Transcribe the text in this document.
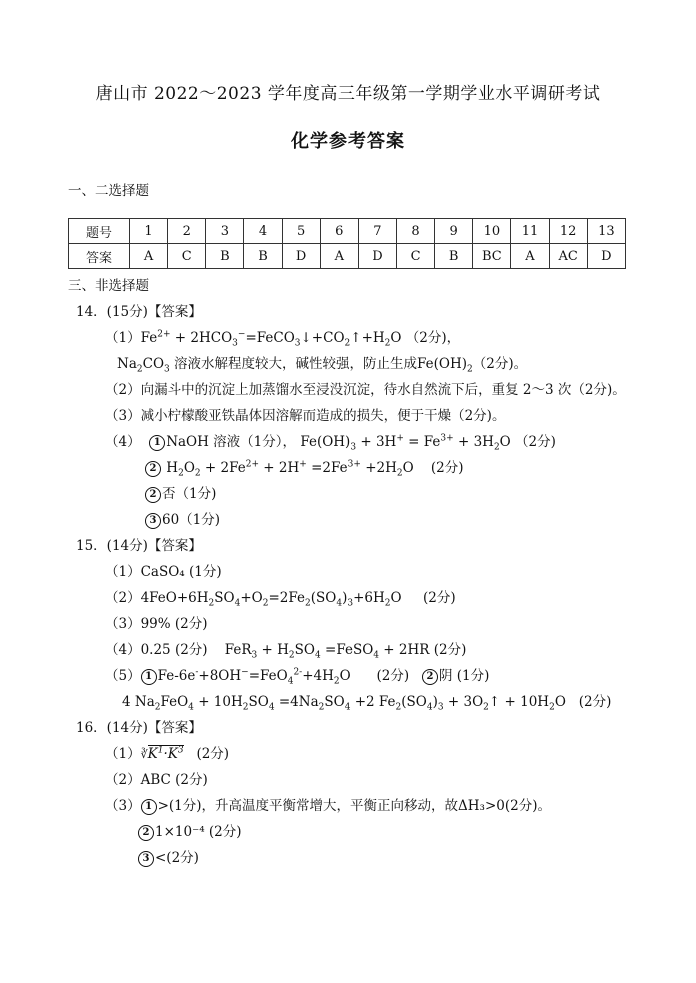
唐山市 2022～2023 学年度高三年级第一学期学业水平调研考试
化学参考答案
一、二选择题
题号	1	2	3	4	5	6	7	8	9	10	11	12	13
答案	A	C	B	B	D	A	D	C	B	BC	A	AC	D
三、非选择题
14．(15分)【答案】
$(1)Fe^{2+}$ + $2HCO_3^-=FeCO_3↓+CO_2↑+H_2O$ （2分)，
$Na_2CO_3$ 溶液水解程度较大，碱性较强，防止生成$Fe(OH)_2(2$分)。
（2）向漏斗中的沉淀上加蒸馏水至浸没沉淀，待水自然流下后，重复 2～3 次（2分)。
（3）减小柠檬酸亚铁晶体因溶解而造成的损失，便于干燥（2分)。
（4） 1 NaOH 溶液（1分）， $Fe(OH)_3 + 3H^+ = Fe^{3+} + 3H_2O$ （2分)
2 $H_2O_2 + 2Fe^{2+} + 2H^+ =2Fe^{3+} +2H_2O$    (2分)
2 否（1分)
3 60（1分)
15．(14分)【答案】
（1）CaSO₄ (1分)
$(2)4FeO+6H_2SO_4+O_2=2Fe_2(SO_4)_3+6H_2O$     (2分)
（3）99% (2分)
（4）0.25 (2分)    $FeR_3 + H_2SO_4$ =FeSO$_4$ + 2HR (2分)
（5） 1 $Fe-6e^-+8OH^-=FeO_4^{2-}+4H_2O$      (2分) 2 阴 (1分)
4 $Na_2FeO_4 + 10H_2SO_4 =4Na_2SO_4 +2$ $Fe_2(SO_4)_3$ + $3O_2↑ + 10H_2O$   (2分)
16．(14分)【答案】
$(1)∛K^1\cdot K^3$ (2分)
（2）ABC (2分)
（3） 1 >(1分)，升高温度平衡常增大，平衡正向移动，故ΔH₃>0(2分)。
2 1×10⁻⁴ (2分)
3 <(2分)
